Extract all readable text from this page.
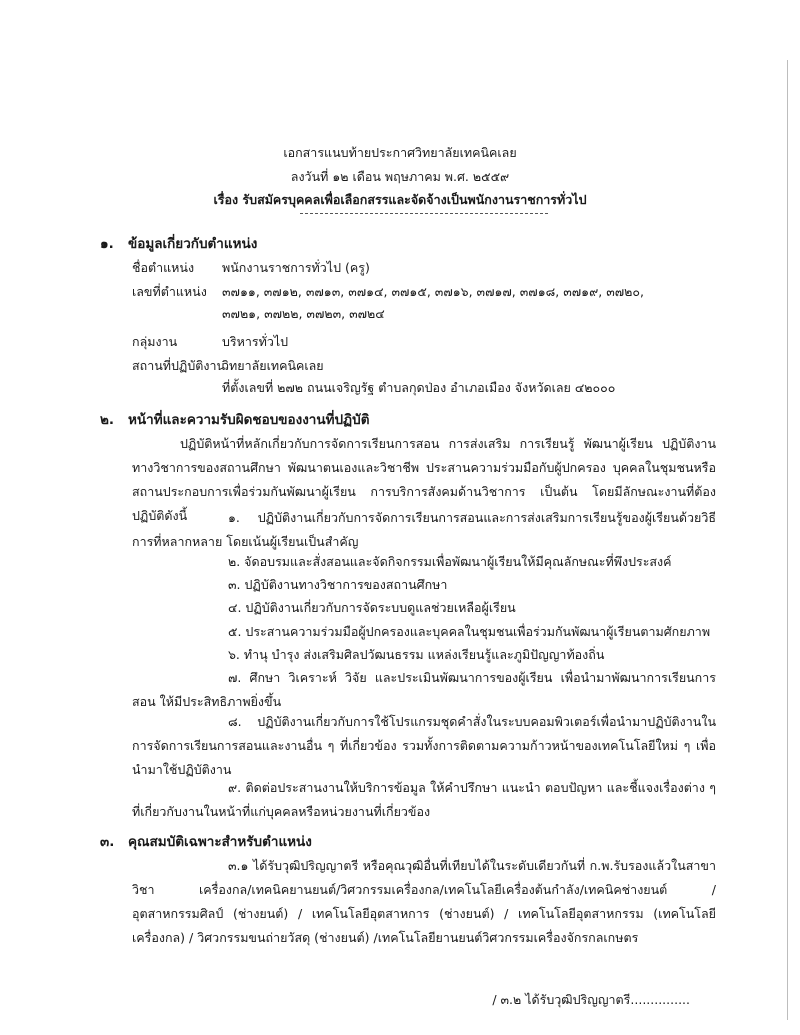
เอกสารแนบท้ายประกาศวิทยาลัยเทคนิคเลย
ลงวันที่ ๑๒ เดือน พฤษภาคม พ.ศ. ๒๕๕๙
เรื่อง รับสมัครบุคคลเพื่อเลือกสรรและจัดจ้างเป็นพนักงานราชการทั่วไป
๑. ข้อมูลเกี่ยวกับตำแหน่ง
ชื่อตำแหน่ง พนักงานราชการทั่วไป (ครู)
เลขที่ตำแหน่ง ๓๗๑๑, ๓๗๑๒, ๓๗๑๓, ๓๗๑๔, ๓๗๑๕, ๓๗๑๖, ๓๗๑๗, ๓๗๑๘, ๓๗๑๙, ๓๗๒๐,
๓๗๒๑, ๓๗๒๒, ๓๗๒๓, ๓๗๒๔
กลุ่มงาน	บริหารทั่วไป
สถานที่ปฏิบัติงานวิทยาลัยเทคนิคเลย
ที่ตั้งเลขที่ ๒๗๒ ถนนเจริญรัฐ ตำบลกุดป่อง อำเภอเมือง จังหวัดเลย ๔๒๐๐๐
๒. หน้าที่และความรับผิดชอบของงานที่ปฏิบัติ
ปฏิบัติหน้าที่หลักเกี่ยวกับการจัดการเรียนการสอน การส่งเสริม การเรียนรู้ พัฒนาผู้เรียน ปฏิบัติงานทางวิชาการของสถานศึกษา พัฒนาตนเองและวิชาชีพ ประสานความร่วมมือกับผู้ปกครอง บุคคลในชุมชนหรือสถานประกอบการเพื่อร่วมกันพัฒนาผู้เรียน การบริการสังคมด้านวิชาการ เป็นต้น โดยมีลักษณะงานที่ต้องปฏิบัติดังนี้	๑. ปฏิบัติงานเกี่ยวกับการจัดการเรียนการสอนและการส่งเสริมการเรียนรู้ของผู้เรียนด้วยวิธีการที่หลากหลาย โดยเน้นผู้เรียนเป็นสำคัญ
๒. จัดอบรมและสั่งสอนและจัดกิจกรรมเพื่อพัฒนาผู้เรียนให้มีคุณลักษณะที่พึงประสงค์
๓. ปฏิบัติงานทางวิชาการของสถานศึกษา
๔. ปฏิบัติงานเกี่ยวกับการจัดระบบดูแลช่วยเหลือผู้เรียน
๕. ประสานความร่วมมือผู้ปกครองและบุคคลในชุมชนเพื่อร่วมกันพัฒนาผู้เรียนตามศักยภาพ
๖. ทำนุ บำรุง ส่งเสริมศิลปวัฒนธรรม แหล่งเรียนรู้และภูมิปัญญาท้องถิ่น
๗. ศึกษา วิเคราะห์ วิจัย และประเมินพัฒนาการของผู้เรียน เพื่อนำมาพัฒนาการเรียนการสอน ให้มีประสิทธิภาพยิ่งขึ้น
๘. ปฏิบัติงานเกี่ยวกับการใช้โปรแกรมชุดคำสั่งในระบบคอมพิวเตอร์เพื่อนำมาปฏิบัติงานในการจัดการเรียนการสอนและงานอื่น ๆ ที่เกี่ยวข้อง รวมทั้งการติดตามความก้าวหน้าของเทคโนโลยีใหม่ ๆ เพื่อนำมาใช้ปฏิบัติงาน
๙. ติดต่อประสานงานให้บริการข้อมูล ให้คำปรึกษา แนะนำ ตอบปัญหา และชี้แจงเรื่องต่าง ๆ ที่เกี่ยวกับงานในหน้าที่แก่บุคคลหรือหน่วยงานที่เกี่ยวข้อง
๓. คุณสมบัติเฉพาะสำหรับตำแหน่ง
๓.๑ ได้รับวุฒิปริญญาตรี หรือคุณวุฒิอื่นที่เทียบได้ในระดับเดียวกันที่ ก.พ.รับรองแล้วในสาขาวิชา เครื่องกล/เทคนิคยานยนต์/วิศวกรรมเครื่องกล/เทคโนโลยีเครื่องต้นกำลัง/เทคนิคช่างยนต์ / อุตสาหกรรมศิลป์ (ช่างยนต์) / เทคโนโลยีอุตสาหการ (ช่างยนต์) / เทคโนโลยีอุตสาหกรรม (เทคโนโลยีเครื่องกล) / วิศวกรรมขนถ่ายวัสดุ (ช่างยนต์) /เทคโนโลยียานยนต์วิศวกรรมเครื่องจักรกลเกษตร
/ ๓.๒ ได้รับวุฒิปริญญาตรี...............
